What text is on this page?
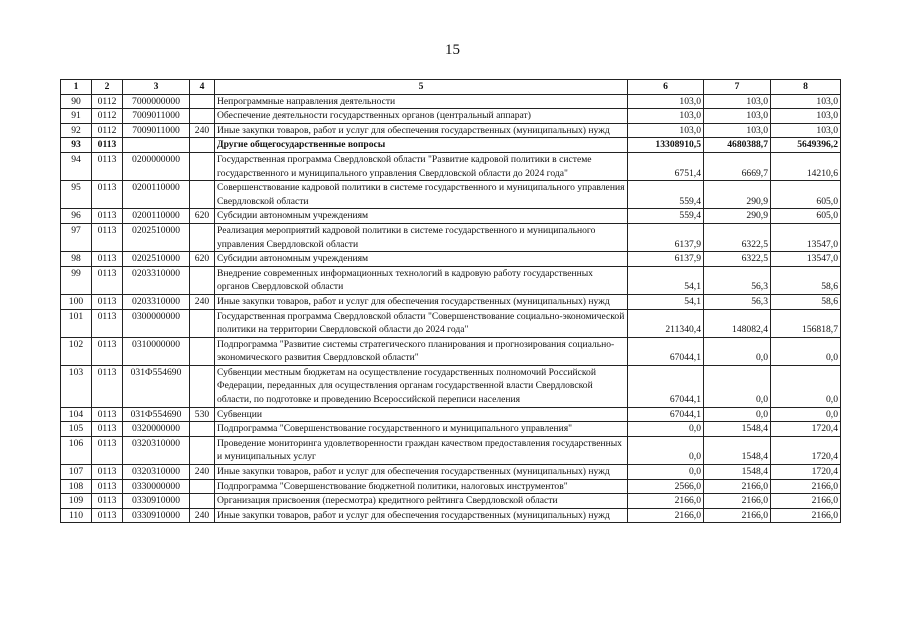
15
1	2	3	4	5	6	7	8
90	0112	7000000000		Непрограммные направления деятельности	103,0	103,0	103,0
91	0112	7009011000		Обеспечение деятельности государственных органов (центральный аппарат)	103,0	103,0	103,0
92	0112	7009011000	240	Иные закупки товаров, работ и услуг для обеспечения государственных (муниципальных) нужд	103,0	103,0	103,0
93	0113			Другие общегосударственные вопросы	13308910,5	4680388,7	5649396,2
94	0113	0200000000		Государственная программа Свердловской области "Развитие кадровой политики в системе государственного и муниципального управления Свердловской области до 2024 года"	6751,4	6669,7	14210,6
95	0113	0200110000		Совершенствование кадровой политики в системе государственного и муниципального управления Свердловской области	559,4	290,9	605,0
96	0113	0200110000	620	Субсидии автономным учреждениям	559,4	290,9	605,0
97	0113	0202510000		Реализация мероприятий кадровой политики в системе государственного и муниципального управления Свердловской области	6137,9	6322,5	13547,0
98	0113	0202510000	620	Субсидии автономным учреждениям	6137,9	6322,5	13547,0
99	0113	0203310000		Внедрение современных информационных технологий в кадровую работу государственных органов Свердловской области	54,1	56,3	58,6
100	0113	0203310000	240	Иные закупки товаров, работ и услуг для обеспечения государственных (муниципальных) нужд	54,1	56,3	58,6
101	0113	0300000000		Государственная программа Свердловской области "Совершенствование социально-экономической политики на территории Свердловской области до 2024 года"	211340,4	148082,4	156818,7
102	0113	0310000000		Подпрограмма "Развитие системы стратегического планирования и прогнозирования социально-экономического развития Свердловской области"	67044,1	0,0	0,0
103	0113	031Ф554690		Субвенции местным бюджетам на осуществление государственных полномочий Российской Федерации, переданных для осуществления органам государственной власти Свердловской области, по подготовке и проведению Всероссийской переписи населения	67044,1	0,0	0,0
104	0113	031Ф554690	530	Субвенции	67044,1	0,0	0,0
105	0113	0320000000		Подпрограмма "Совершенствование государственного и муниципального управления"	0,0	1548,4	1720,4
106	0113	0320310000		Проведение мониторинга удовлетворенности граждан качеством предоставления государственных и муниципальных услуг	0,0	1548,4	1720,4
107	0113	0320310000	240	Иные закупки товаров, работ и услуг для обеспечения государственных (муниципальных) нужд	0,0	1548,4	1720,4
108	0113	0330000000		Подпрограмма "Совершенствование бюджетной политики, налоговых инструментов"	2566,0	2166,0	2166,0
109	0113	0330910000		Организация присвоения (пересмотра) кредитного рейтинга Свердловской области	2166,0	2166,0	2166,0
110	0113	0330910000	240	Иные закупки товаров, работ и услуг для обеспечения государственных (муниципальных) нужд	2166,0	2166,0	2166,0
